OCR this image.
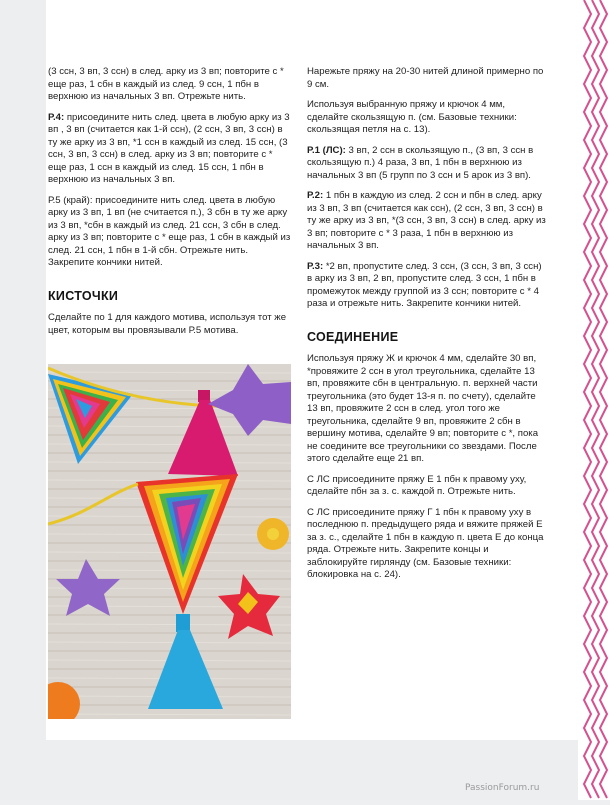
(3 ссн, 3 вп, 3 ссн) в след. арку из 3 вп; повторите с * еще раз, 1 сбн в каждый из след. 9 ссн, 1 пбн в верхнюю из начальных 3 вп. Отрежьте нить.

Р.4: присоедините нить след. цвета в любую арку из 3 вп , 3 вп (считается как 1-й ссн), (2 ссн, 3 вп, 3 ссн) в ту же арку из 3 вп, *1 ссн в каждый из след. 15 ссн, (3 ссн, 3 вп, 3 ссн) в след. арку из 3 вп; повторите с * еще раз, 1 ссн в каждый из след. 15 ссн, 1 пбн в верхнюю из начальных 3 вп.

Р.5 (край): присоедините нить след. цвета в любую арку из 3 вп, 1 вп (не считается п.), 3 сбн в ту же арку из 3 вп, *сбн в каждый из след. 21 ссн, 3 сбн в след. арку из 3 вп; повторите с * еще раз, 1 сбн в каждый из след. 21 ссн, 1 пбн в 1-й сбн. Отрежьте нить. Закрепите кончики нитей.

КИСТОЧКИ

Сделайте по 1 для каждого мотива, используя тот же цвет, которым вы провязывали Р.5 мотива.

Нарежьте пряжу на 20-30 нитей длиной примерно по 9 см.

Используя выбранную пряжу и крючок 4 мм, сделайте скользящую п. (см. Базовые техники: скользящая петля на с. 13).

Р.1 (ЛС): 3 вп, 2 ссн в скользящую п., (3 вп, 3 ссн в скользящую п.) 4 раза, 3 вп, 1 пбн в верхнюю из начальных 3 вп (5 групп по 3 ссн и 5 арок из 3 вп).

Р.2: 1 пбн в каждую из след. 2 ссн и пбн в след. арку из 3 вп, 3 вп (считается как ссн), (2 ссн, 3 вп, 3 ссн) в ту же арку из 3 вп, *(3 ссн, 3 вп, 3 ссн) в след. арку из 3 вп; повторите с * 3 раза, 1 пбн в верхнюю из начальных 3 вп.

Р.3: *2 вп, пропустите след. 3 ссн, (3 ссн, 3 вп, 3 ссн) в арку из 3 вп, 2 вп, пропустите след. 3 ссн, 1 пбн в промежуток между группой из 3 ссн; повторите с * 4 раза и отрежьте нить. Закрепите кончики нитей.

СОЕДИНЕНИЕ

Используя пряжу Ж и крючок 4 мм, сделайте 30 вп, *провяжите 2 ссн в угол треугольника, сделайте 13 вп, провяжите сбн в центральную. п. верхней части треугольника (это будет 13-я п. по счету), сделайте 13 вп, провяжите 2 ссн в след. угол того же треугольника, сделайте 9 вп, провяжите 2 сбн в вершину мотива, сделайте 9 вп; повторите с *, пока не соедините все треугольники со звездами. После этого сделайте еще 21 вп.

С ЛС присоедините пряжу Е 1 пбн к правому уху, сделайте пбн за з. с. каждой п. Отрежьте нить.

С ЛС присоедините пряжу Г 1 пбн к правому уху в последнюю п. предыдущего ряда и вяжите пряжей Е за з. с., сделайте 1 пбн в каждую п. цвета Е до конца ряда. Отрежьте нить. Закрепите концы и заблокируйте гирлянду (см. Базовые техники: блокировка на с. 24).

PassionForum.ru
